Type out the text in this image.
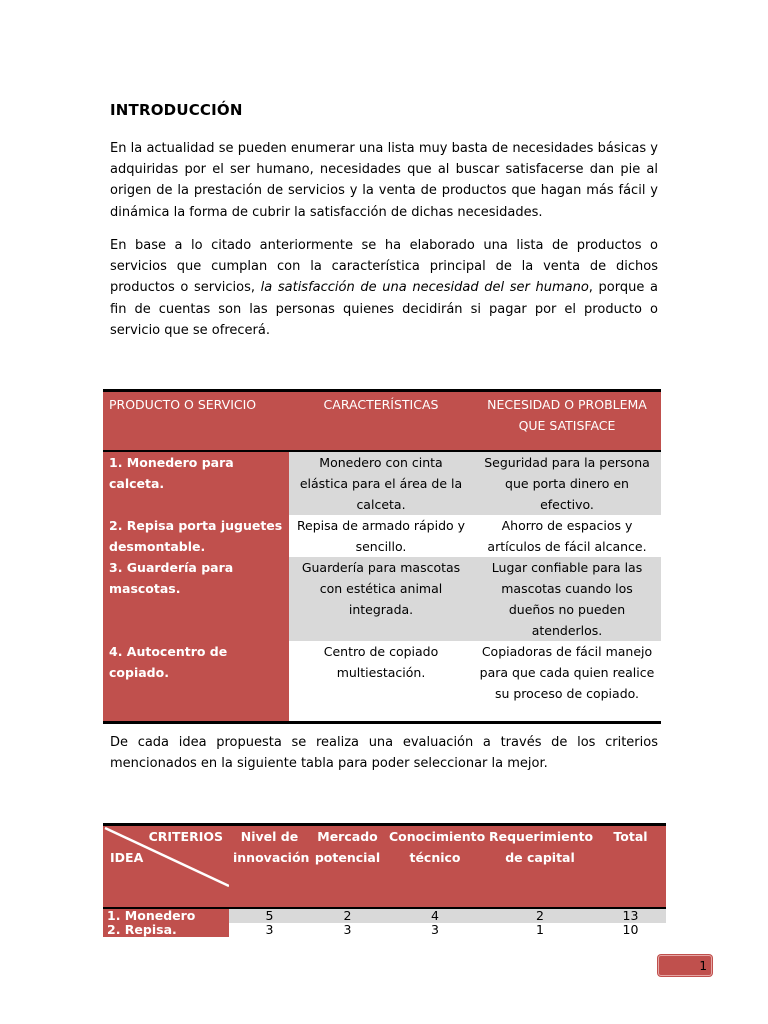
INTRODUCCIÓN
En la actualidad se pueden enumerar una lista muy basta de necesidades básicas y adquiridas por el ser humano, necesidades que al buscar satisfacerse dan pie al origen de la prestación de servicios y la venta de productos que hagan más fácil y dinámica la forma de cubrir la satisfacción de dichas necesidades.
En base a lo citado anteriormente se ha elaborado una lista de productos o servicios que cumplan con la característica principal de la venta de dichos productos o servicios, la satisfacción de una necesidad del ser humano, porque a fin de cuentas son las personas quienes decidirán si pagar por el producto o servicio que se ofrecerá.
PRODUCTO O SERVICIO	CARACTERÍSTICAS	NECESIDAD O PROBLEMA QUE SATISFACE
1. Monedero para calceta.	Monedero con cinta elástica para el área de la calceta.	Seguridad para la persona que porta dinero en efectivo.
2. Repisa porta juguetes desmontable.	Repisa de armado rápido y sencillo.	Ahorro de espacios y artículos de fácil alcance.
3. Guardería para mascotas.	Guardería para mascotas con estética animal integrada.	Lugar confiable para las mascotas cuando los dueños no pueden atenderlos.
4. Autocentro de copiado.	Centro de copiado multiestación.	Copiadoras de fácil manejo para que cada quien realice su proceso de copiado.
De cada idea propuesta se realiza una evaluación a través de los criterios mencionados en la siguiente tabla para poder seleccionar la mejor.
CRITERIOS
IDEA	Nivel de innovación	Mercado potencial	Conocimiento técnico	Requerimiento de capital	Total
1. Monedero	5	2	4	2	13
2. Repisa.	3	3	3	1	10
1
